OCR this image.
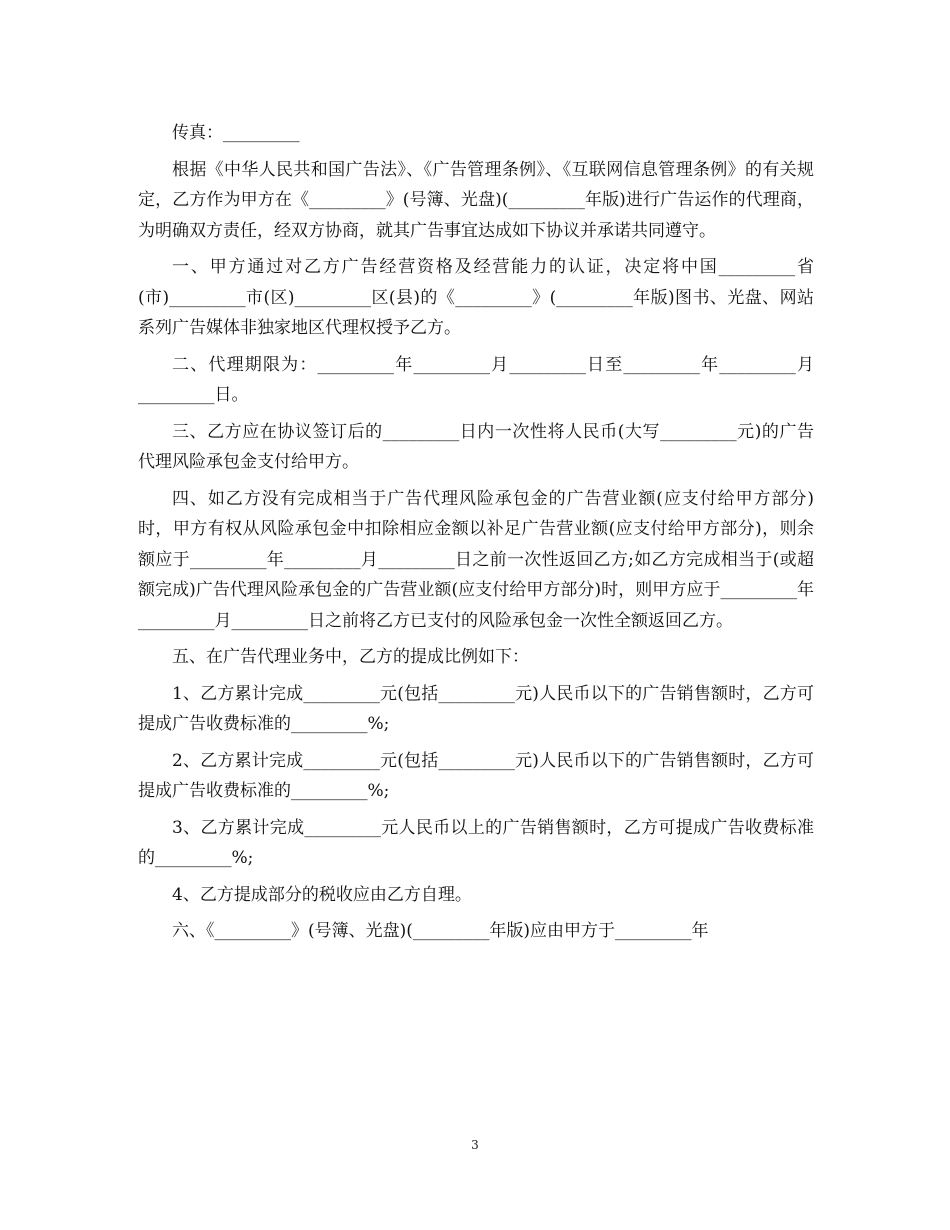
传真：_________

根据《中华人民共和国广告法》、《广告管理条例》、《互联网信息管理条例》的有关规定，乙方作为甲方在《_________》(号簿、光盘)(_________年版)进行广告运作的代理商，为明确双方责任，经双方协商，就其广告事宜达成如下协议并承诺共同遵守。

一、甲方通过对乙方广告经营资格及经营能力的认证，决定将中国_________省(市)_________市(区)_________区(县)的《_________》(_________年版)图书、光盘、网站系列广告媒体非独家地区代理权授予乙方。

二、代理期限为：_________年_________月_________日至_________年_________月_________日。

三、乙方应在协议签订后的_________日内一次性将人民币(大写_________元)的广告代理风险承包金支付给甲方。

四、如乙方没有完成相当于广告代理风险承包金的广告营业额(应支付给甲方部分)时，甲方有权从风险承包金中扣除相应金额以补足广告营业额(应支付给甲方部分)，则余额应于_________年_________月_________日之前一次性返回乙方;如乙方完成相当于(或超额完成)广告代理风险承包金的广告营业额(应支付给甲方部分)时，则甲方应于_________年_________月_________日之前将乙方已支付的风险承包金一次性全额返回乙方。

五、在广告代理业务中，乙方的提成比例如下：

1、乙方累计完成_________元(包括_________元)人民币以下的广告销售额时，乙方可提成广告收费标准的_________%;

2、乙方累计完成_________元(包括_________元)人民币以下的广告销售额时，乙方可提成广告收费标准的_________%;

3、乙方累计完成_________元人民币以上的广告销售额时，乙方可提成广告收费标准的_________%;

4、乙方提成部分的税收应由乙方自理。

六、《_________》(号簿、光盘)(_________年版)应由甲方于_________年

3
